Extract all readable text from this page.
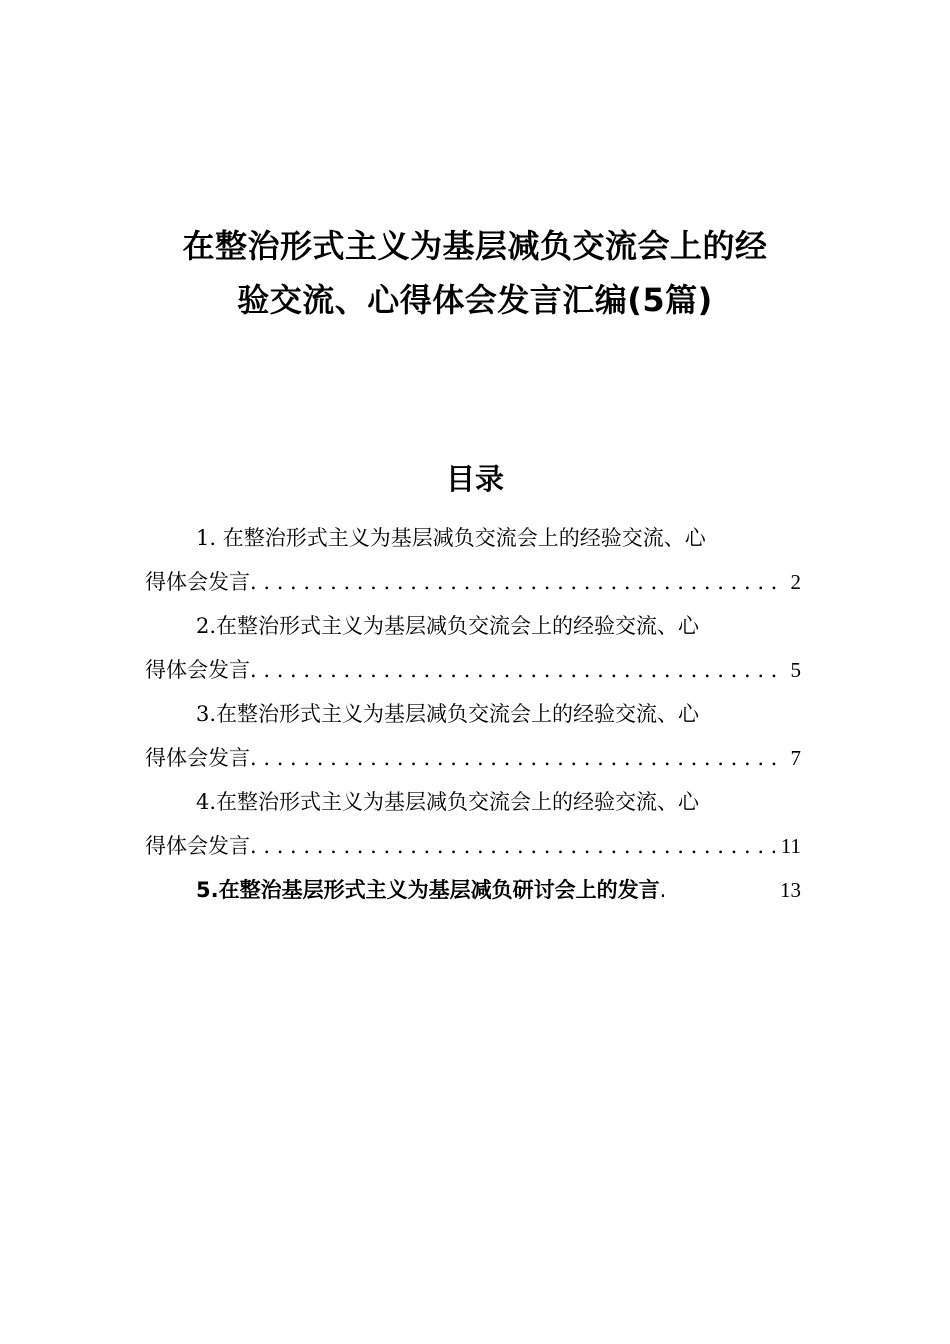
在整治形式主义为基层减负交流会上的经
验交流、心得体会发言汇编(5篇)
目录
1. 在整治形式主义为基层减负交流会上的经验交流、心
得体会发言 . . .	2
2.在整治形式主义为基层减负交流会上的经验交流、心
得体会发言 . . .	5
3.在整治形式主义为基层减负交流会上的经验交流、心
得体会发言 . . .	7
4.在整治形式主义为基层减负交流会上的经验交流、心
得体会发言 . . .	11
5.在整治基层形式主义为基层减负研讨会上的发言 .	13
